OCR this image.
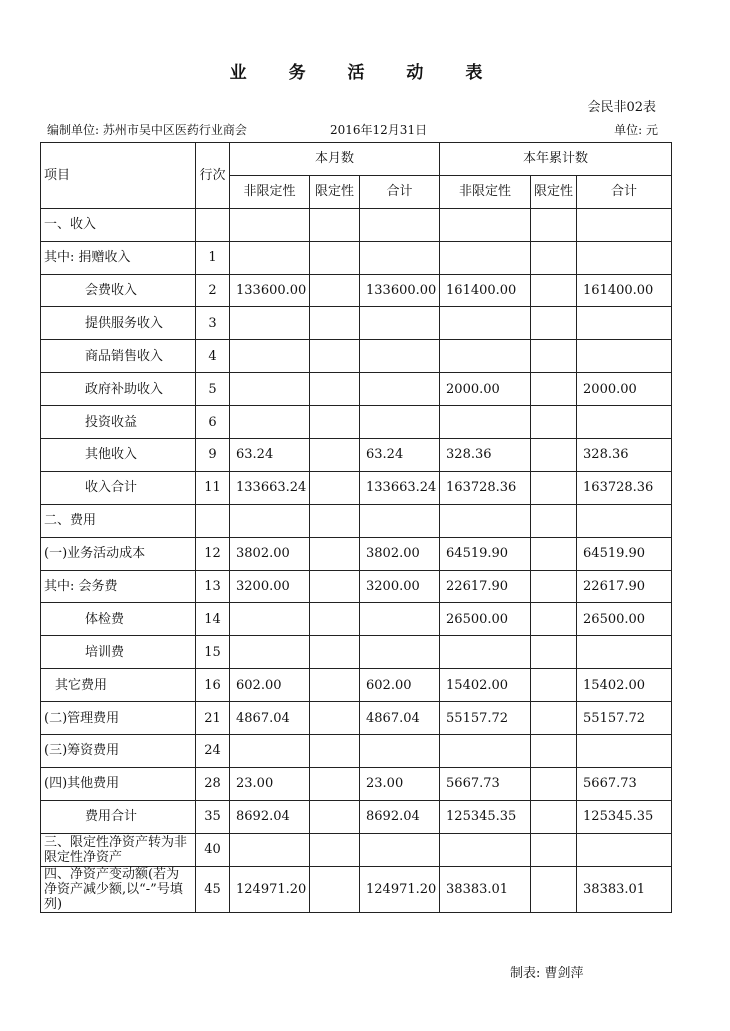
业 务 活 动 表
会民非02表
编制单位: 苏州市吴中区医药行业商会	2016年12月31日	单位: 元
项目	行次	本月数			本年累计数		
		非限定性	限定性	合计	非限定性	限定性	合计
一、收入							
其中: 捐赠收入	1						
会费收入	2	133600.00		133600.00	161400.00		161400.00
提供服务收入	3						
商品销售收入	4						
政府补助收入	5				2000.00		2000.00
投资收益	6						
其他收入	9	63.24		63.24	328.36		328.36
收入合计	11	133663.24		133663.24	163728.36		163728.36
二、费用							
(一)业务活动成本	12	3802.00		3802.00	64519.90		64519.90
其中: 会务费	13	3200.00		3200.00	22617.90		22617.90
体检费	14				26500.00		26500.00
培训费	15						
其它费用	16	602.00		602.00	15402.00		15402.00
(二)管理费用	21	4867.04		4867.04	55157.72		55157.72
(三)筹资费用	24						
(四)其他费用	28	23.00		23.00	5667.73		5667.73
费用合计	35	8692.04		8692.04	125345.35		125345.35
三、限定性净资产转为非限定性净资产	40						
四、净资产变动额(若为净资产减少额,以“-”号填列)	45	124971.20		124971.20	38383.01		38383.01
制表: 曹剑萍
